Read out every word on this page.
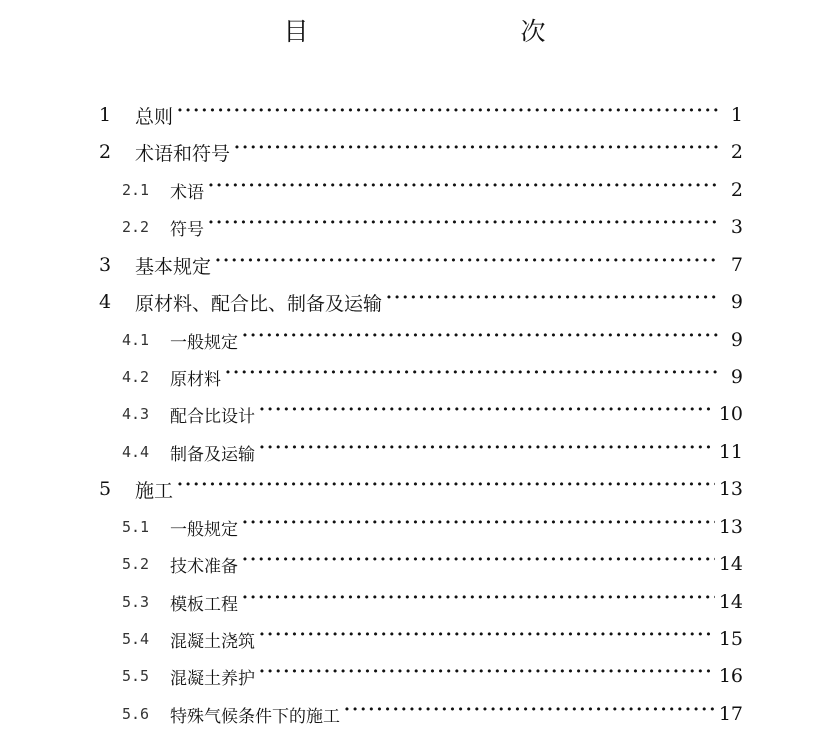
目　　次
1	总则 ·····	1
2	术语和符号 ·····	2
2.1	术语 ·····	2
2.2	符号 ·····	3
3	基本规定 ·····	7
4	原材料、配合比、制备及运输 ·····	9
4.1	一般规定 ·····	9
4.2	原材料 ·····	9
4.3	配合比设计 ·····	10
4.4	制备及运输 ·····	11
5	施工 ·····	13
5.1	一般规定 ·····	13
5.2	技术准备 ·····	14
5.3	模板工程 ·····	14
5.4	混凝土浇筑 ·····	15
5.5	混凝土养护 ·····	16
5.6	特殊气候条件下的施工 ·····	17
